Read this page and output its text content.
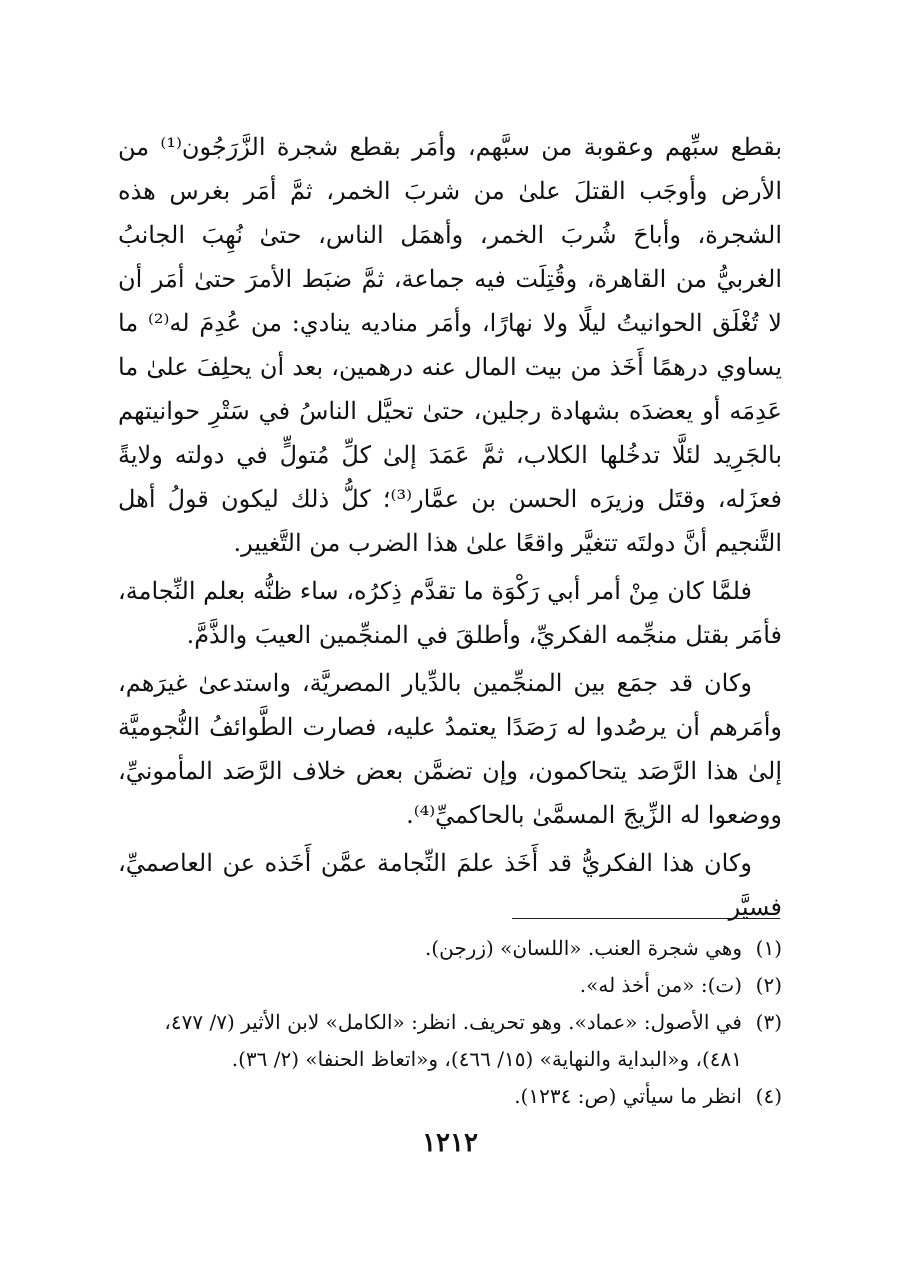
بقطع سبِّهم وعقوبة من سبَّهم، وأمَر بقطع شجرة الزَّرَجُون⁽¹⁾ من الأرض وأوجَب القتلَ علىٰ من شربَ الخمر، ثمَّ أمَر بغرس هذه الشجرة، وأباحَ شُربَ الخمر، وأهمَل الناس، حتىٰ نُهِبَ الجانبُ الغربيُّ من القاهرة، وقُتِلَت فيه جماعة، ثمَّ ضبَط الأمرَ حتىٰ أمَر أن لا تُغْلَق الحوانيتُ ليلًا ولا نهارًا، وأمَر مناديه ينادي: من عُدِمَ له⁽²⁾ ما يساوي درهمًا أَخَذ من بيت المال عنه درهمين، بعد أن يحلِفَ علىٰ ما عَدِمَه أو يعضدَه بشهادة رجلين، حتىٰ تحيَّل الناسُ في سَتْرِ حوانيتهم بالجَرِيد لئلَّا تدخُلها الكلاب، ثمَّ عَمَدَ إلىٰ كلِّ مُتولٍّ في دولته ولايةً فعزَله، وقتَل وزيرَه الحسن بن عمَّار⁽³⁾؛ كلُّ ذلك ليكون قولُ أهل التَّنجيم أنَّ دولتَه تتغيَّر واقعًا علىٰ هذا الضرب من التَّغيير.

فلمَّا كان مِنْ أمر أبي رَكْوَة ما تقدَّم ذِكرُه، ساء ظنُّه بعلم النِّجامة، فأمَر بقتل منجِّمه الفكريِّ، وأطلقَ في المنجِّمين العيبَ والذَّمَّ.

وكان قد جمَع بين المنجِّمين بالدِّيار المصريَّة، واستدعىٰ غيرَهم، وأمَرهم أن يرصُدوا له رَصَدًا يعتمدُ عليه، فصارت الطَّوائفُ النُّجوميَّة إلىٰ هذا الرَّصَد يتحاكمون، وإن تضمَّن بعض خلاف الرَّصَد المأمونيِّ، ووضعوا له الزِّيجَ المسمَّىٰ بالحاكميِّ⁽⁴⁾.

وكان هذا الفكريُّ قد أَخَذ علمَ النِّجامة عمَّن أَخَذه عن العاصميِّ، فسيَّر

(١)
وهي شجرة العنب. «اللسان» (زرجن).
(٢)
(ت): «من أخذ له».
(٣)
في الأصول: «عماد». وهو تحريف. انظر: «الكامل» لابن الأثير (٧/ ٤٧٧، ٤٨١)، و«البداية والنهاية» (١٥/ ٤٦٦)، و«اتعاظ الحنفا» (٢/ ٣٦).
(٤)
انظر ما سيأتي (ص: ١٢٣٤).
١٢١٢
